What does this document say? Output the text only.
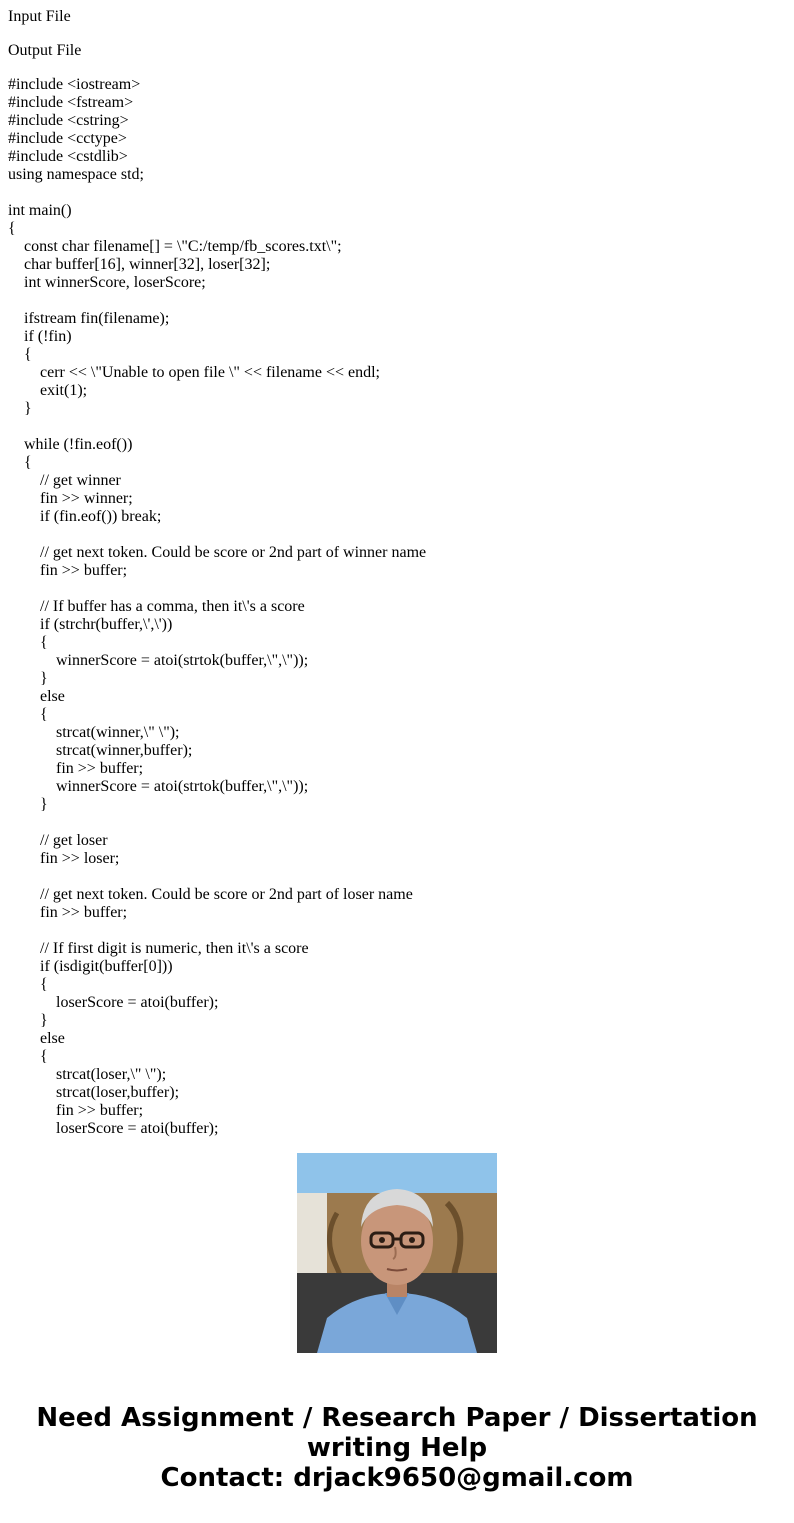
Input File

Output File

#include <iostream>
#include <fstream>
#include <cstring>
#include <cctype>
#include <cstdlib>
using namespace std;
int main()
{
const char filename[] = \"C:/temp/fb_scores.txt\";
char buffer[16], winner[32], loser[32];
int winnerScore, loserScore;
ifstream fin(filename);
if (!fin)
{
cerr << \"Unable to open file \" << filename << endl;
exit(1);
}
while (!fin.eof())
{
// get winner
fin >> winner;
if (fin.eof()) break;
// get next token. Could be score or 2nd part of winner name
fin >> buffer;
// If buffer has a comma, then it\'s a score
if (strchr(buffer,\',\'))
{
winnerScore = atoi(strtok(buffer,\",\"));
}
else
{
strcat(winner,\" \");
strcat(winner,buffer);
fin >> buffer;
winnerScore = atoi(strtok(buffer,\",\"));
}
// get loser
fin >> loser;
// get next token. Could be score or 2nd part of loser name
fin >> buffer;
// If first digit is numeric, then it\'s a score
if (isdigit(buffer[0]))
{
loserScore = atoi(buffer);
}
else
{
strcat(loser,\" \");
strcat(loser,buffer);
fin >> buffer;
loserScore = atoi(buffer);
Need Assignment / Research Paper / Dissertation
writing Help
Contact: drjack9650@gmail.com
